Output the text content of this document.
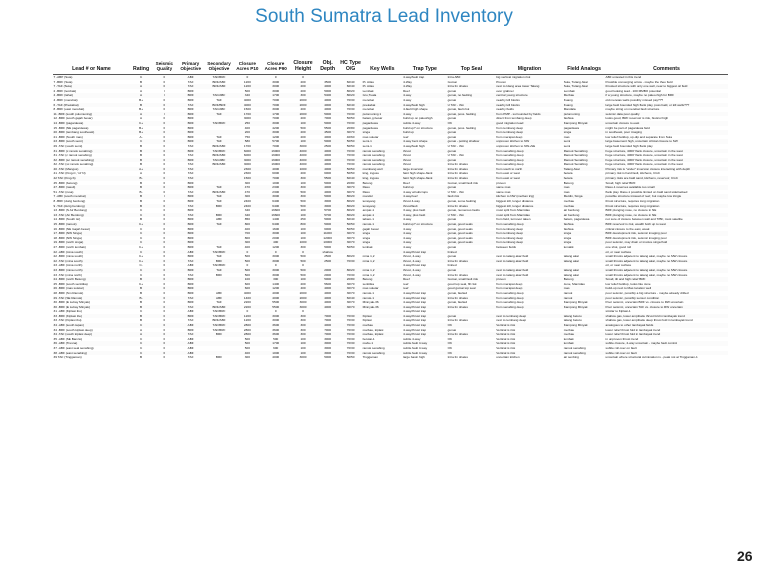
South Sumatra Lead Inventory
Lead # or Name	Rating	Seismic Quality	Primary Objective	Secondary Objective	Closure Acres P10	Closure Acres P90	Closure Height	Obj. Depth	HC Type O/G	Key Wells	Trap Type	Top Seal	Migration	Field Analogs	Comments
7 -ABP (Suia)	C	II	ABF	TAF/BRF	0	0	0				4-way/fault trap	Intra ABF	big vertical migration risk		ABF untested in this trend
7 -BRF (Suia)	B	II	TAF	BRF/ABF	1200	3000	200	3500	60/40	Pt. Atlas	4-Way	Gumai	Proven	Suia, Tulang Akar	Possible converging arrow - maybe the theo field
7 -TAF (Suia)	A	II	TAF	BRF/ABF	1200	3000	200	4000	60/40	Pt. Atlas	4-Way	Intra fm shales	next to Idang area lower Talang	Suia, Tulang Akar	thrusted structure with only one well, near to biggest oil field
2 -BRF (lembak)	A	I	BRF		500	3000	200	5000	80/20	Lembak	Reef	gumai	over grabner	Lembak	good looking lead - 100 MMBO potential
4 -BRF (lahat)	A	I	BRF	TAF/ABF	340	1700	300	5400	80/20	Gru,Tuala	4-way	gumai, no faulting	central young structure	Merbau	if a young structure, maybe no paleo-high for BRF
4 -BRF (merebat)	B+	II	BRF	TAF	4000	7000	2000	4000	70/30	merebat	4-way	gumai	nearby kill blocks	Kuang	old meretas wells possibly missed pay???
6 -TAF (Pnekabat)	B	II	TAF	BRF/BRF	4000	7000	2000	4000	60/40	pnekabat	4-way/fault high	U TAF - thin	nearby kill blocks	Kuang	large fault bounded high flank play, poss bald, or kill wells???
8 -BRF (east merebat)	B+	II	BRF	TAF/ABF	1500	3000	200	4000	70/30	merebat	4-fault high shape	gumai, fault risk	nearby fields	Mandala	maybe string on merebat fault structure
11 -BRF (south pulomuning)	A	I	BRF	TAF	1700	1700	2000	5000	70/30	pulomuning 1	4-way	gumai, poss. faulting	from PMP - surrounded by fields	pulomuning	seismic data poor quality
12 -BRF (south gajah besar)	A	II	BRF		3000	7000	200	7000	50/50	batam,g.besar	build up on paleohigh	gumai	direct from tembang deep	fashwa	looks good, BRF reservoir is risk, biuticol high
14 -BRF (pagardewa)	C+	II	BRF	TAF/BRF	250	3000	100	5000	70/30	pagardewa	subtle 4-way	OK	good migration lead	Kampong Minyak	uncertain closure to east
15 -BRF (NE pagardewa)	B+	II	BRF		400	4200	500	5500	20/80	pagardewa	build up? on structure	gumai, poss. faulting	from tembang deep	pagardewa	might be part of pagardewa field
20 -BRF (tembang southeast)	B+	II	BRF		200	3000	200	4500	30/70	singa	build up	gumai	from tembang deep	singa	in southeast, poor imaging
21 -BRF (South mas)	A-	II	BRF	TAF	750	1200	200	4000	40/60	mas soletar	reef	gumai	from merapat deep	mas	low relief buildup, up-dip and separate from Suia
23 -BRF (south semi)	C	II	BRF	TAF	580	5700	100	5000	50/50	semi-1	4-way bent shape	gumai - potting shallow	unproven kitchen to NW	semi	large basement high, uncertain critical closure to SW
29 -TAF (south semi)	B	II	TAF	BRF/ABF	1700	7000	3000	2500	50/50	semi-1	4-way/fault high	U TAF - thin	unproven kitchen to NW+SE	semi	large fault bounded high flank play
31 -BRF (c ramok senabing)	B	II	BRF	TAF/BRF	6000	16000	4000	4000	70/30	ramok senabing	thrust	gumai	from senabing deep	Ramok Senabing	huge structure, 4000' flank closure, uncertain in the west
31 -TAF (c ramok senabing)	B	II	TAF	BRF/ABF	6000	16000	4000	4000	70/30	ramok senabing	thrust	U TAF - thin	from senabing deep	Ramok Senabing	huge structure, 4000' flank closure, uncertain in the west
32 -BRF (sc ramok senabing)	B	II	BRF	TAF/ABF	3000	16000	4000	4000	70/30	ramok senabing	thrust	gumai	from senabing deep	Ramok Senabing	huge structure, 4000' flank closure, uncertain in the west
32 -TAF (sc ramok senabing)	B	II	TAF	BRF/ABF	3000	16000	4000	4000	70/30	ramok senabing	thrust	Intra fm shales	from senabing deep	Ramok Senabing	huge structure, 4000' flank closure, uncertain in the west
40 -TAF (Mangus)	A+	II	TAF		2300	4000	1000	4000	50/50	mambang well	large inversion	Intra fm shales	from south to north	Talang Akar	Primary risk is "under" inversion closure interacting with depth
41 -TAF (King-C, 'rd' N)	A	II	TAF		2300	6000	200	6000	50/50	king, ingusu	faint high shape-flank	Intra fm shales	from east or west	betara	primary risk is hard fault, kitchens, CGC
42 TAF (King-S)	B-	II	TAF		1500	7000	300	5500	60/40	king, ingusu	faint high shape-flank	Intra fm shales	from east or west	betara	primary risks are bald sand, kitchens, reservoir, CGC
45 -BRF (betung)	B	II	BRF		300	1000	100	5000	20/80	Betung	Reef	Gumai, small fault risk	proven	Betung	Small, high relief BRF
47 -BRF (rasuli)	B	II	BRF	TAF	470	2300	300	4000	30/70	Rasu	build up	gumai	same mas	mas	Rasu-1 reserves available too small
51 -TAF (rusa)	B-	II	TAF	BRF/ABF	470	2300	500	4000	30/70	Rasu	4-way w/subcrops	U TAF - thin	same mas	mas	flank play. Rasu-1 possible limited on bald sand sidetracked
7 -ABF (south merebat)	B	I	BRF	TAF	300	3000	300	5000	80/20	mandul	4-way/reef	fault risk	kitchen to NW (merban trig)	Meldin, Singa	possible structure instead of reef, but maybe low tringle
8 -BRF (durig berdong)	B	II	BRF	TAF	2400	6400	500	3000	80/20	tenayang	thrust 4-way	gumai, some faulting	biggest kill, longer distance	merbau	thrust structure, requires long migration
9 -TAF (durig berdong)	B	II	TAF	BRF	2400	6400	500	3000	80/20	tenayang	thrust/fault	Intra fm shales	biggest kill, longer distance	merbau	thrust structure, requires long migration
13 -BRF (S Air Berdong)	C	II	BRF		340	16600	100	5700	80/20	ampar-1	3-way, plus fault	gumai, numerous faults	must split from Marcidau	air berdong	BRF plunging nose, no closure in NE
13 -TAF (Air Berdong)	C	II	TAF	BRF	340	16600	100	5700	80/20	ampar-1	3-way, plus fault	U TAF - thin	must split from Marcidau	air berdong	BRF plunging nose, no closure in NE
14 -BRF (South tsr)	B	II	BRF	ABF	850	1400	250	5000	60/40	tabam-1	4-way	gumai	from field, turnover taken	batam, pagardewa	not sure of closure between wall and TrBF, must satellite
15 -BRF (ramok)	C+	II	BRF	TAF	800	6400	800	5000	50/50	ramok-1	build up? on structure	gumai, good seals	from senabing deep	fashwa	BRF reservoir is risk, wealth both up to west
16 -BRF (NE Gajah besar)	C	II	BRF		400	1600	100	6000	50/50	gajah besar	4-way	gumai, good seals	from tembang deep	fashwa	critical closure to the east, weak
17 -BRF (NW Singa)	C	II	BRF		700	3000	100	11000	30/70	singa	4-way	gumai, good seals	from tembang deep	singa	BRF development risk, seismic imaging poor
18 -BRF (NW Singa)	C	II	BRF		800	2000	100	12000	30/70	singa	4-way	gumai, good seals	from tembang deep	singa	BRF development risk, seismic imaging poor
19 -BRF (north singa)	C	II	BRF		300	400	1000	10000	30/70	singa	4-way	gumai, good seals	from tembang deep	singa	poor seismic, may drain or involve singa fluid
27 -BRF (north lembak)	C+	II	BRF	TAF	400	1200	300	5000	50/50	lembak	4-way	gumai	between fields	lematik	one shot, good roll
22 -ABF (mina south)	C	II	ABF	TAF/BRF	0	0	0	shallow			4-way/thrust trap	limited			oil, or near surface
22 -BRF (mina south)	C+	II	BRF	TAF	500	3000	500	2500	80/20	mina 1,2	thrust, 4-way	gumai	next to talang akar field	talang akar	small thrusts adjacent to talang akar, maybe no MW closure
22 -TAF (mina south)	C+	II	TAF	BRF	500	3000	500	2500	70/30	mina 1,2	thrust, 4-way	Intra fm shales	next to talang akar field	talang akar	small thrusts adjacent to talang akar, maybe no MW closure
23 -ABF (mina north)	C-	II	ABF	TAF/BRF	0	0	0				4-way/thrust trap	limited			oil, or near surface
23 -BRF (mina north)	C	II	BRF	TAF	500	3000	500	2000	80/20	mina 1,2	thrust, 4-way	gumai	next to talang akar field	talang akar	small thrusts adjacent to talang akar, maybe no MW closure
23 -TAF (mina north)	C	II	TAF	BRF	500	3000	500	2000	70/30	mina 1,2	thrust, 4-way	Intra fm shales	next to talang akar field	talang akar	small thrusts adjacent to talang akar, maybe no MW closure
24 -BRF (north Betung)	B	II	BRF		100	300	100	5000	20/80	Betung	Reef	Gumai, small fault risk	proven	Betung	Small, tilt and high relief BRF
25 -BRF (south sentitika)	C+	II	BRF		600	1400	200	5600	30/70	sentitika	reef	good top seal, fill risk	from merapat deep	Jene, Marcidau	low relief buildup, looks like Jene
26 -BRF (mas soletar)	B	II	BRF		600	1200	400	4000	30/70	mas soletar	reef	good gumai top seal	from merapat deep	mas	build-up next to Mas location well
28 -BRF (Sm Ramok)	B	II	BRF	ABF	4000	4000	2000	4000	30/70	ramok-1	4-way/thrust trap	gumai, faulted	from senabing deep	ramok	poor seismic, possibly a big structure - maybe already drilled
29 -TAF (SE Ramok)	B-	II	TAF	ABF	1400	4000	2000	4000	60/40	ramok-1	4-way/thrust trap	Intra fm shales	from senabing deep	ramok	poor seismic, possibly sensor condition
30 -BRF (E Lubay Minyak)	B	II	BRF	TAF	2200	5500	3000	4000	30/70	Minnyak-36	4-way/thrust trap	gumai, faulted	from senabing deep	Kampong Minyak	Poor seismic, uncertain BRF vs. closure to RW uncertain
30 -BRF (E Lubay Minyak)	B	II	TAF	BRF/ABF	2200	5500	3000	4000	30/70	Minnyak-36	4-way/thrust trap	Intra fm shales	from senabing deep	Kampong Minyak	Poor seismic, uncertain TAF vs. closure to RW uncertain
31 -ABF (Kiplasi ibu)	C	II	ABF	TAF/BRF	0	0	0				4-way/thrust trap				similar to Kiplasi-1
33 -BRF (Kiplasi ibu)	B	II	BRF	TAF/BRF	1200	3000	300	7000	70/30	Kiplasi	4-way/thrust trap	gumai	next to tembang deep	talang betutu	shallow gas, lower amplitude thrust fold in lambayak trend
33 -TAF (Kiplasi ibu)	B	II	TAF	BRF/ABF	1200	3000	300	7000	70/30	Kiplasi	4-way/thrust trap	Intra fm shales	next to tembang deep	talang betutu	shallow gas, lower amplitude deep thrust fold in lambayak trend
34 -ABF (south tapan)	C	II	ABF	TAF/BRF	2800	3600	300	4000	70/30	marbau	4-way/thrust trap	OK	Vertical is risk	Kampong Minyak	analogous to other lambayak fields
34 -BRF (south kiplasi deep)	A	II	BRF	TAF/BRF	2800	3600	300	7000	70/30	marbau, kiplasi	4-way/thrust trap	gumai	Vertical is risk	merbau	lower relief thrust fold in lambayak trend
34 -TAF (south kiplasi deep)	A	II	TAF	BRF	2800	3600	300	7000	70/30	marbau, kiplasi	4-way/thrust trap	Intra fm shales	Vertical is risk	merbau	lower relief thrust fold in lambayak trend
35 -ABF (SE Banzio)	C	II	ABF		500	500	100	3000	70/30	betutai-1	subtle 4-way	OK	Vertical is risk	lembak	in unproven thrust trend
36 -ABF (Tresna)	C	II	ABF		500	1700	100	3000	70/30	mabu-1	subtle fault 4-way	OK	Vertical is risk	lembak	subtle closure, 4-way uncertain - maybe fault control
37 -ABF (east seal senabing)	C	II	ABF		500	600	100	3000	70/30	ramok senabing	subtle fault 4-way	OK	Vertical is risk	ramok senabing	subtle roll over on fault
38 -ABF (east senabing)	C	II	ABF		400	1000	100	3000	70/30	ramok senabing	subtle fault 4-way	OK	Vertical is risk	ramok senabing	subtle roll over on fault
39 TAF (Tinggaman)	B	II	TAF	BRF	300	4000	3000	5000	50/50	Tinggaman	large basin high	Intra fm shales	uncertain kitchen	air senbing	uncertain where structural culmination is - peak not at Tinggaman-1
26
